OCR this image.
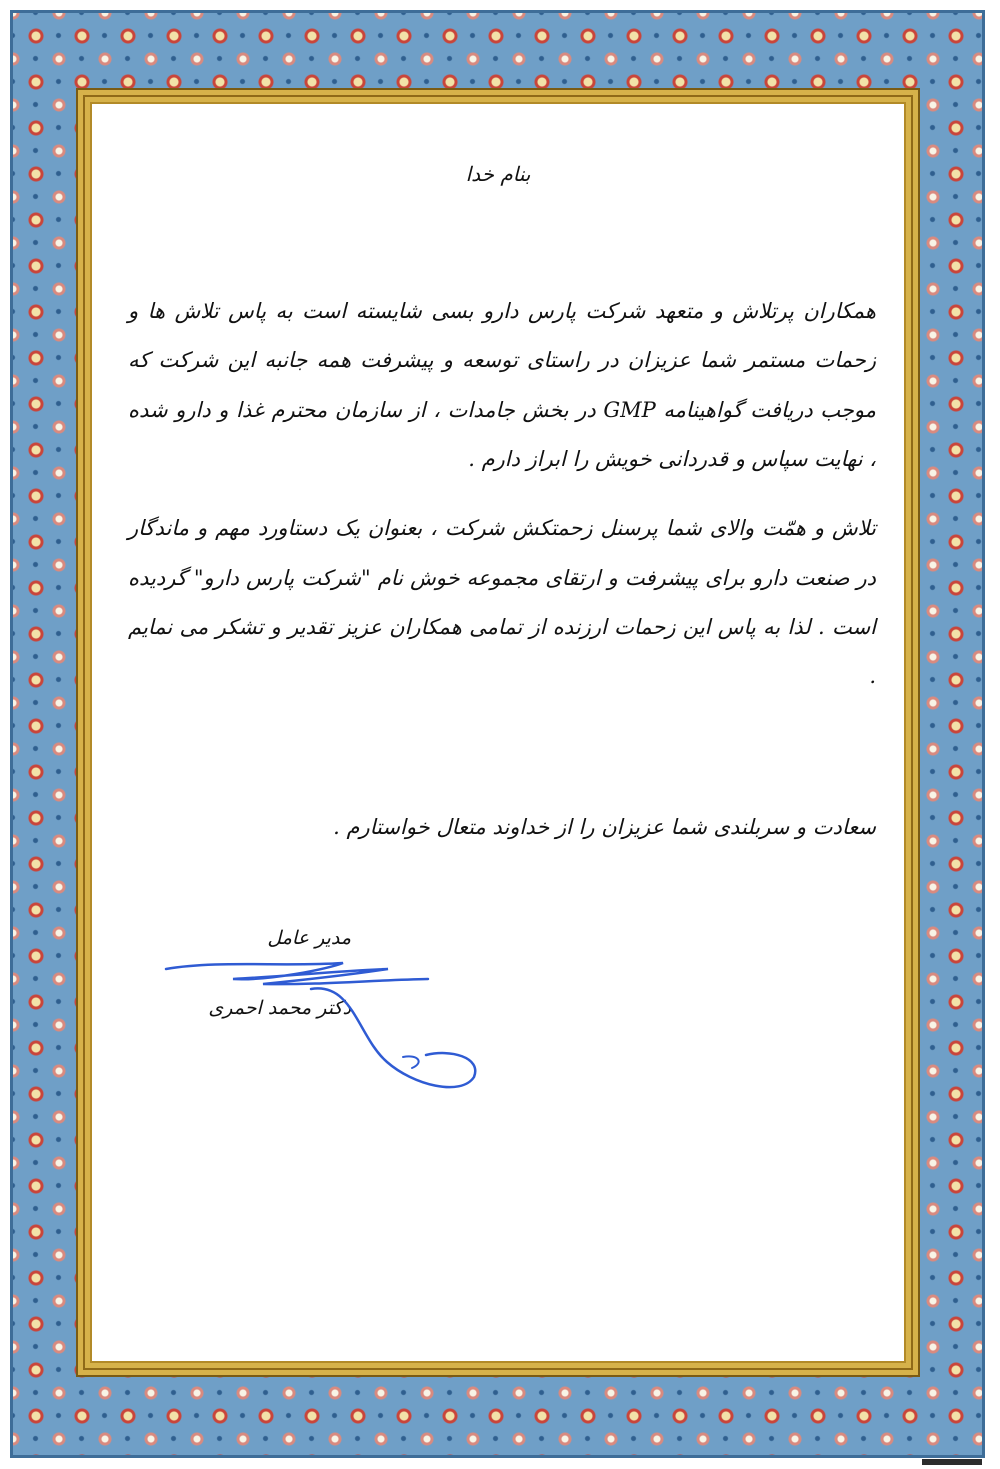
بنام خدا

همکاران پرتلاش و متعهد شرکت پارس دارو بسی شایسته است به پاس تلاش ها و زحمات مستمر شما عزیزان در راستای توسعه و پیشرفت همه جانبه این شرکت که موجب دریافت گواهینامه GMP در بخش جامدات ، از سازمان محترم غذا و دارو شده ، نهایت سپاس و قدردانی خویش را ابراز دارم .

تلاش و همّت والای شما پرسنل زحمتکش شرکت ، بعنوان یک دستاورد مهم و ماندگار در صنعت دارو برای پیشرفت و ارتقای مجموعه خوش نام "شرکت پارس دارو" گردیده است . لذا به پاس این زحمات ارزنده از تمامی همکاران عزیز تقدیر و تشکر می نمایم .

سعادت و سربلندی شما عزیزان را از خداوند متعال خواستارم .
مدیر عامل
دکتر محمد احمری
